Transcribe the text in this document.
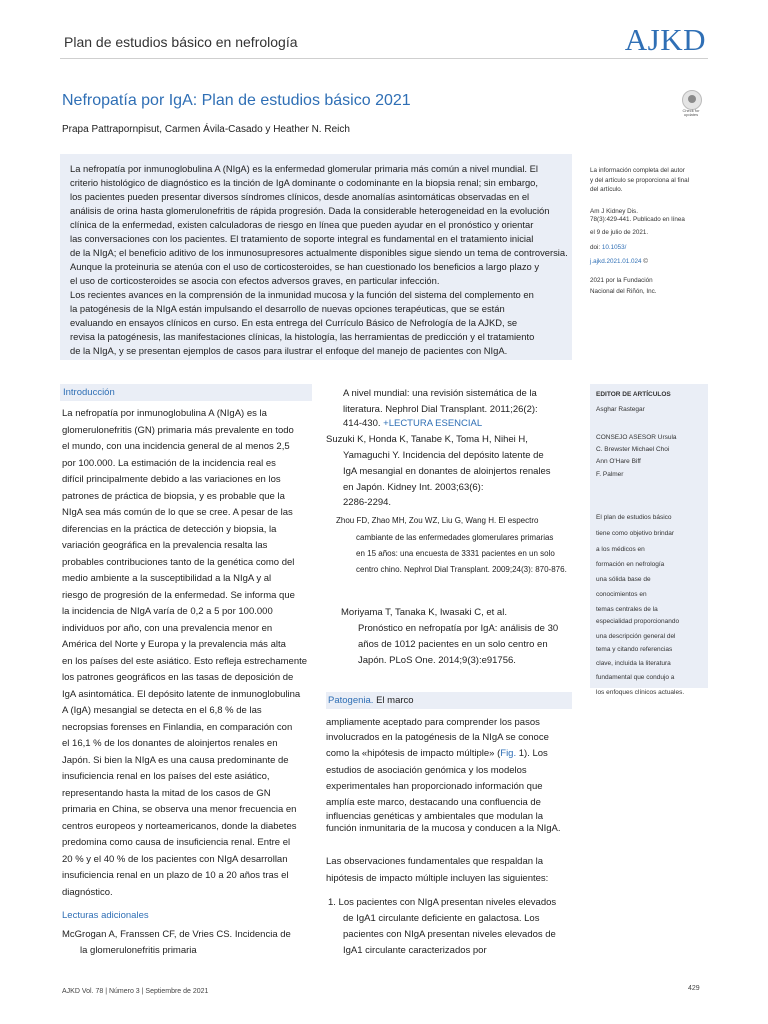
Plan de estudios básico en nefrología	AJKD
Nefropatía por IgA: Plan de estudios básico 2021
Check for updates
Prapa Pattrapornpisut, Carmen Ávila-Casado y Heather N. Reich
La nefropatía por inmunoglobulina A (NIgA) es la enfermedad glomerular primaria más común a nivel mundial. El
criterio histológico de diagnóstico es la tinción de IgA dominante o codominante en la biopsia renal; sin embargo,
los pacientes pueden presentar diversos síndromes clínicos, desde anomalías asintomáticas observadas en el
análisis de orina hasta glomerulonefritis de rápida progresión. Dada la considerable heterogeneidad en la evolución
clínica de la enfermedad, existen calculadoras de riesgo en línea que pueden ayudar en el pronóstico y orientar
las conversaciones con los pacientes. El tratamiento de soporte integral es fundamental en el tratamiento inicial
de la NIgA; el beneficio aditivo de los inmunosupresores actualmente disponibles sigue siendo un tema de controversia.
Aunque la proteinuria se atenúa con el uso de corticosteroides, se han cuestionado los beneficios a largo plazo y
el uso de corticosteroides se asocia con efectos adversos graves, en particular infección.
Los recientes avances en la comprensión de la inmunidad mucosa y la función del sistema del complemento en
la patogénesis de la NIgA están impulsando el desarrollo de nuevas opciones terapéuticas, que se están
evaluando en ensayos clínicos en curso. En esta entrega del Currículo Básico de Nefrología de la AJKD, se
revisa la patogénesis, las manifestaciones clínicas, la histología, las herramientas de predicción y el tratamiento
de la NIgA, y se presentan ejemplos de casos para ilustrar el enfoque del manejo de pacientes con NIgA.
La información completa del autor
y del artículo se proporciona al final
del artículo.
Am J Kidney Dis.
78(3):429-441. Publicado en línea
el 9 de julio de 2021.
doi: 10.1053/
j.ajkd.2021.01.024 ©
2021 por la Fundación
Nacional del Riñón, Inc.
Introducción
La nefropatía por inmunoglobulina A (NIgA) es la
glomerulonefritis (GN) primaria más prevalente en todo
el mundo, con una incidencia general de al menos 2,5
por 100.000. La estimación de la incidencia real es
difícil principalmente debido a las variaciones en los
patrones de práctica de biopsia, y es probable que la
NIgA sea más común de lo que se cree. A pesar de las
diferencias en la práctica de detección y biopsia, la
variación geográfica en la prevalencia resalta las
probables contribuciones tanto de la genética como del
medio ambiente a la susceptibilidad a la NIgA y al
riesgo de progresión de la enfermedad. Se informa que
la incidencia de NIgA varía de 0,2 a 5 por 100.000
individuos por año, con una prevalencia menor en
América del Norte y Europa y la prevalencia más alta
en los países del este asiático. Esto refleja estrechamente
los patrones geográficos en las tasas de deposición de
IgA asintomática. El depósito latente de inmunoglobulina
A (IgA) mesangial se detecta en el 6,8 % de las
necropsias forenses en Finlandia, en comparación con
el 16,1 % de los donantes de aloinjertos renales en
Japón. Si bien la NIgA es una causa predominante de
insuficiencia renal en los países del este asiático,
representando hasta la mitad de los casos de GN
primaria en China, se observa una menor frecuencia en
centros europeos y norteamericanos, donde la diabetes
predomina como causa de insuficiencia renal. Entre el
20 % y el 40 % de los pacientes con NIgA desarrollan
insuficiencia renal en un plazo de 10 a 20 años tras el
diagnóstico.
Lecturas adicionales
McGrogan A, Franssen CF, de Vries CS. Incidencia de
la glomerulonefritis primaria
A nivel mundial: una revisión sistemática de la
literatura. Nephrol Dial Transplant. 2011;26(2):
414-430. +LECTURA ESENCIAL
Suzuki K, Honda K, Tanabe K, Toma H, Nihei H,
Yamaguchi Y. Incidencia del depósito latente de
IgA mesangial en donantes de aloinjertos renales
en Japón. Kidney Int. 2003;63(6):
2286-2294.
Zhou FD, Zhao MH, Zou WZ, Liu G, Wang H. El espectro
cambiante de las enfermedades glomerulares primarias
en 15 años: una encuesta de 3331 pacientes en un solo
centro chino. Nephrol Dial Transplant. 2009;24(3): 870-876.
Moriyama T, Tanaka K, Iwasaki C, et al.
Pronóstico en nefropatía por IgA: análisis de 30
años de 1012 pacientes en un solo centro en
Japón. PLoS One. 2014;9(3):e91756.
Patogenia. El marco
ampliamente aceptado para comprender los pasos
involucrados en la patogénesis de la NIgA se conoce
como la «hipótesis de impacto múltiple» (Fig. 1). Los
estudios de asociación genómica y los modelos
experimentales han proporcionado información que
amplía este marco, destacando una confluencia de
influencias genéticas y ambientales que modulan la
función inmunitaria de la mucosa y conducen a la NIgA.
Las observaciones fundamentales que respaldan la
hipótesis de impacto múltiple incluyen las siguientes:
1. Los pacientes con NIgA presentan niveles elevados
de IgA1 circulante deficiente en galactosa. Los
pacientes con NIgA presentan niveles elevados de
IgA1 circulante caracterizados por
EDITOR DE ARTÍCULOS
Asghar Rastegar
CONSEJO ASESOR Ursula
C. Brewster Michael Choi
Ann O'Hare Biff
F. Palmer
El plan de estudios básico
tiene como objetivo brindar
a los médicos en
formación en nefrología
una sólida base de
conocimientos en
temas centrales de la
especialidad proporcionando
una descripción general del
tema y citando referencias
clave, incluida la literatura
fundamental que condujo a
los enfoques clínicos actuales.
AJKD Vol. 78 | Número 3 | Septiembre de 2021	429
